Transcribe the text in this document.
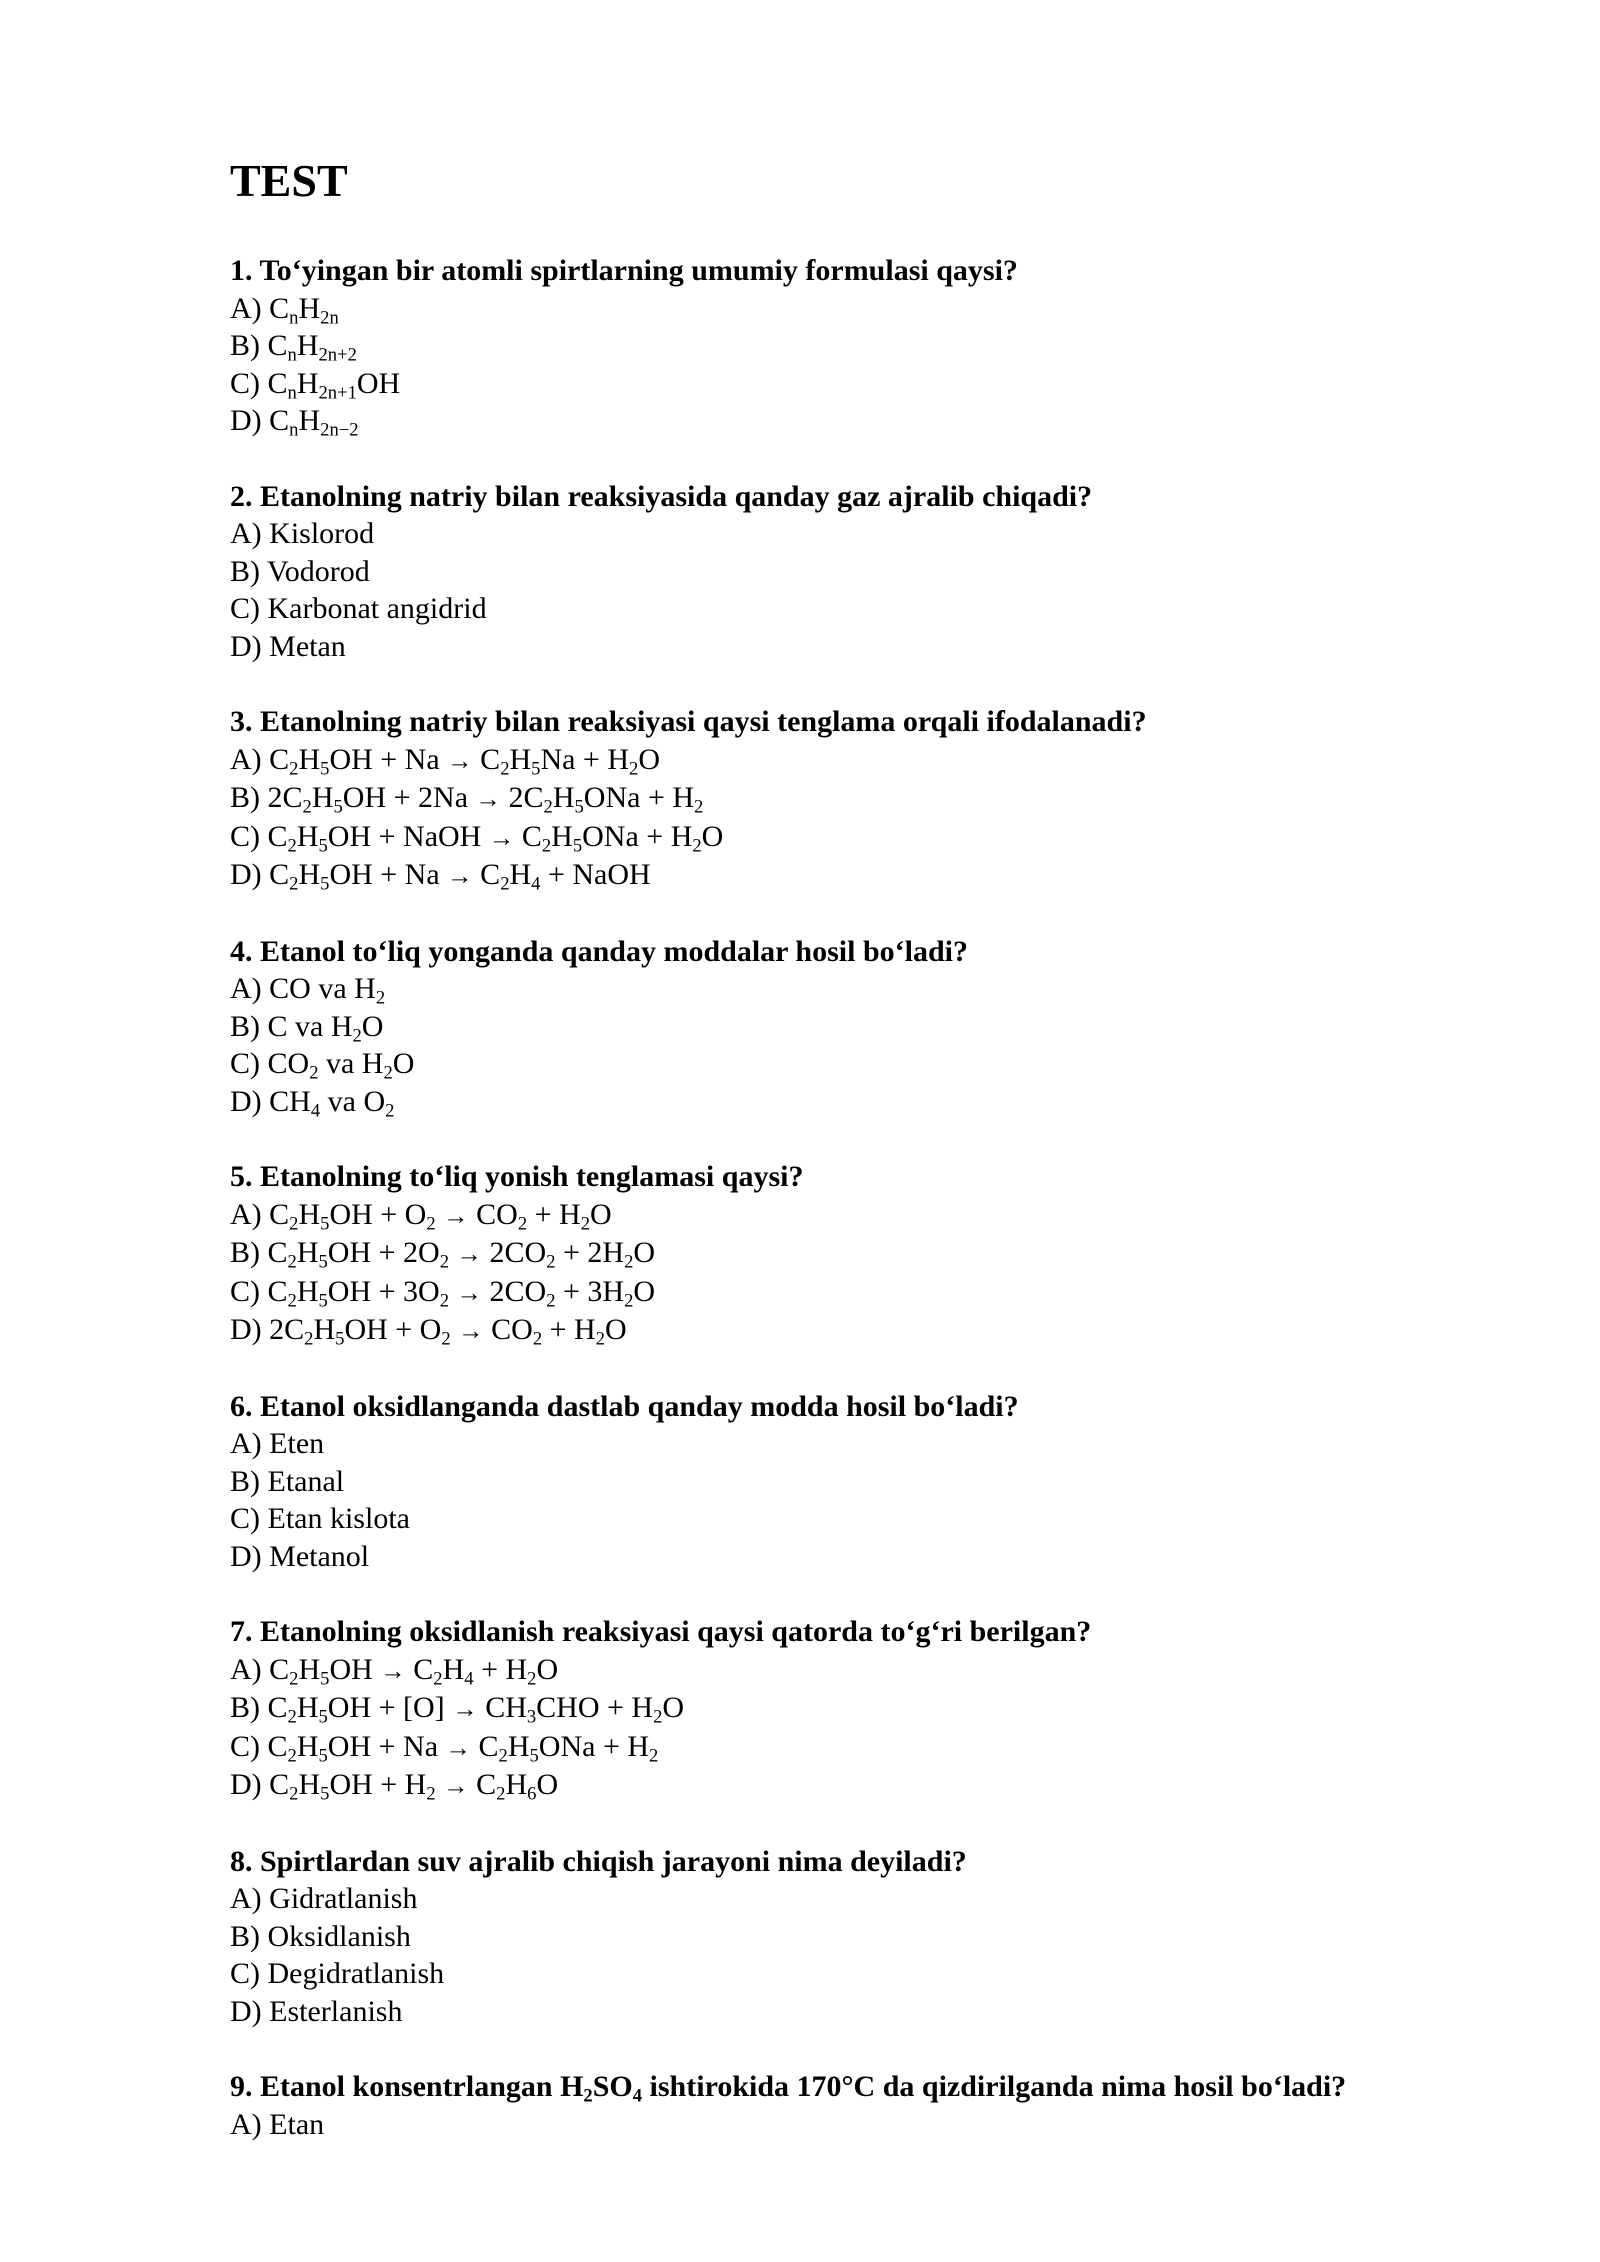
TEST

1. To‘yingan bir atomli spirtlarning umumiy formulasi qaysi?

A) $C_nH_{2n}$

B) $C_nH_{2n+2}$

C) $C_nH_{2n+1}OH$

D) $C_nH_{2n-2}$

2. Etanolning natriy bilan reaksiyasida qanday gaz ajralib chiqadi?

A) Kislorod

B) Vodorod

C) Karbonat angidrid

D) Metan

3. Etanolning natriy bilan reaksiyasi qaysi tenglama orqali ifodalanadi?

A) $C_2H_5OH + Na \to C_2H_5Na + H_2O$

B) $2C_2H_5OH + 2Na \to 2C_2H_5ONa + H_2$

C) $C_2H_5OH$ + NaOH → $C_2H_5ONa + H_2O$

D) $C_2H_5OH + Na \to C_2H_4$ + NaOH

4. Etanol to‘liq yonganda qanday moddalar hosil bo‘ladi?

A) CO va $H_2$

B) C va $H_2O$

C) $CO_2$ va $H_2O$

D) $CH_4$ va $O_2$

5. Etanolning to‘liq yonish tenglamasi qaysi?

A) $C_2H_5OH + O_2 \to CO_2 + H_2O$

B) $C_2H_5OH + 2O_2 \to 2CO_2 + 2H_2O$

C) $C_2H_5OH + 3O_2 \to 2CO_2 + 3H_2O$

D) $2C_2H_5OH + O_2 \to CO_2 + H_2O$

6. Etanol oksidlanganda dastlab qanday modda hosil bo‘ladi?

A) Eten

B) Etanal

C) Etan kislota

D) Metanol

7. Etanolning oksidlanish reaksiyasi qaysi qatorda to‘g‘ri berilgan?

A) $C_2H_5OH \to C_2H_4 + H_2O$

B) $C_2H_5OH + [O] \to CH_3CHO + H_2O$

C) $C_2H_5OH + Na \to C_2H_5ONa + H_2$

D) $C_2H_5OH + H_2 \to C_2H_6O$

8. Spirtlardan suv ajralib chiqish jarayoni nima deyiladi?

A) Gidratlanish

B) Oksidlanish

C) Degidratlanish

D) Esterlanish

9. Etanol konsentrlangan $H_2SO_4$ ishtirokida 170°C da qizdirilganda nima hosil bo‘ladi?

A) Etan
